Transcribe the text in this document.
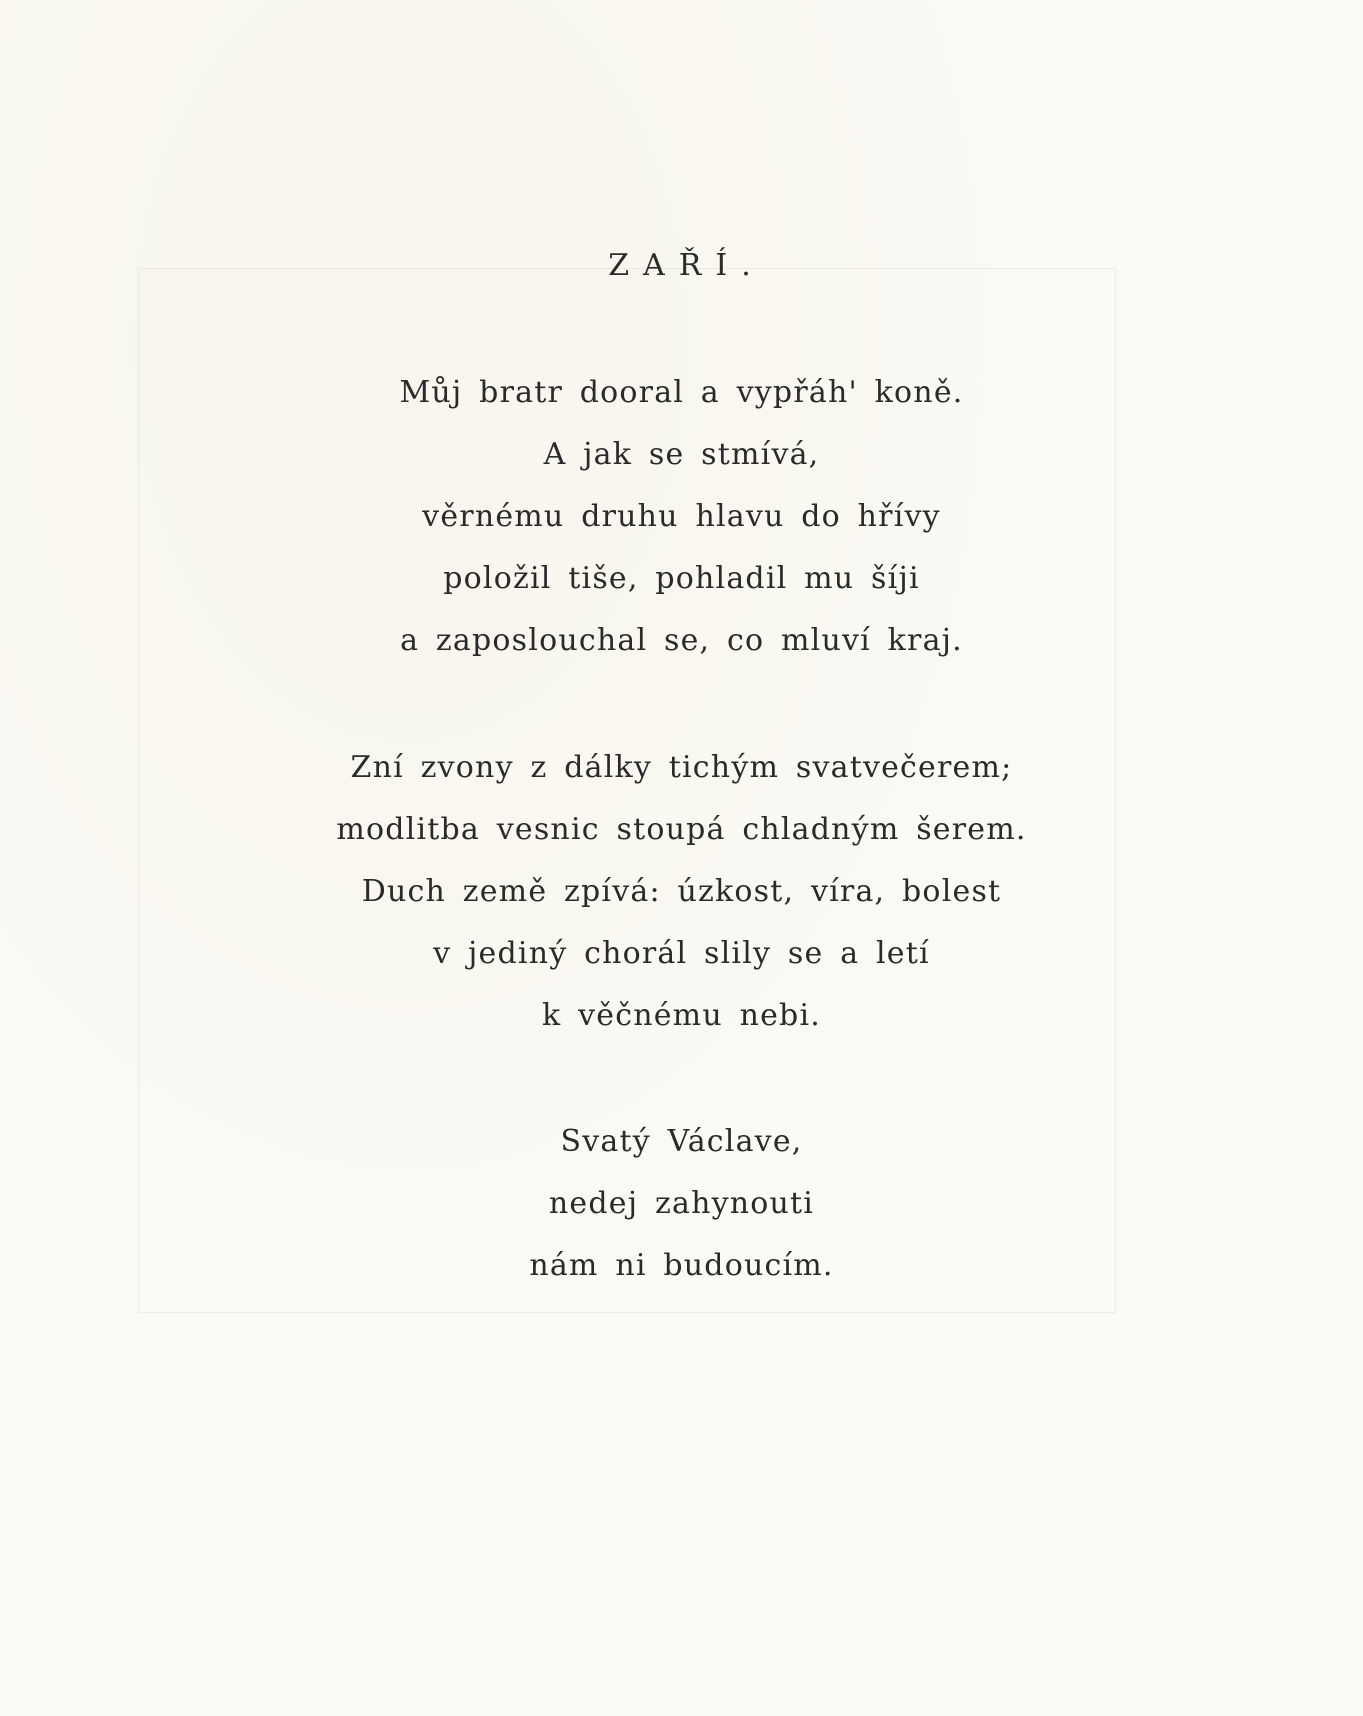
ZAŘÍ.
Můj bratr dooral a vypřáh' koně.
A jak se stmívá,
věrnému druhu hlavu do hřívy
položil tiše, pohladil mu šíji
a zaposlouchal se, co mluví kraj.
Zní zvony z dálky tichým svatvečerem;
modlitba vesnic stoupá chladným šerem.
Duch země zpívá: úzkost, víra, bolest
v jediný chorál slily se a letí
k věčnému nebi.
Svatý Václave,
nedej zahynouti
nám ni budoucím.
